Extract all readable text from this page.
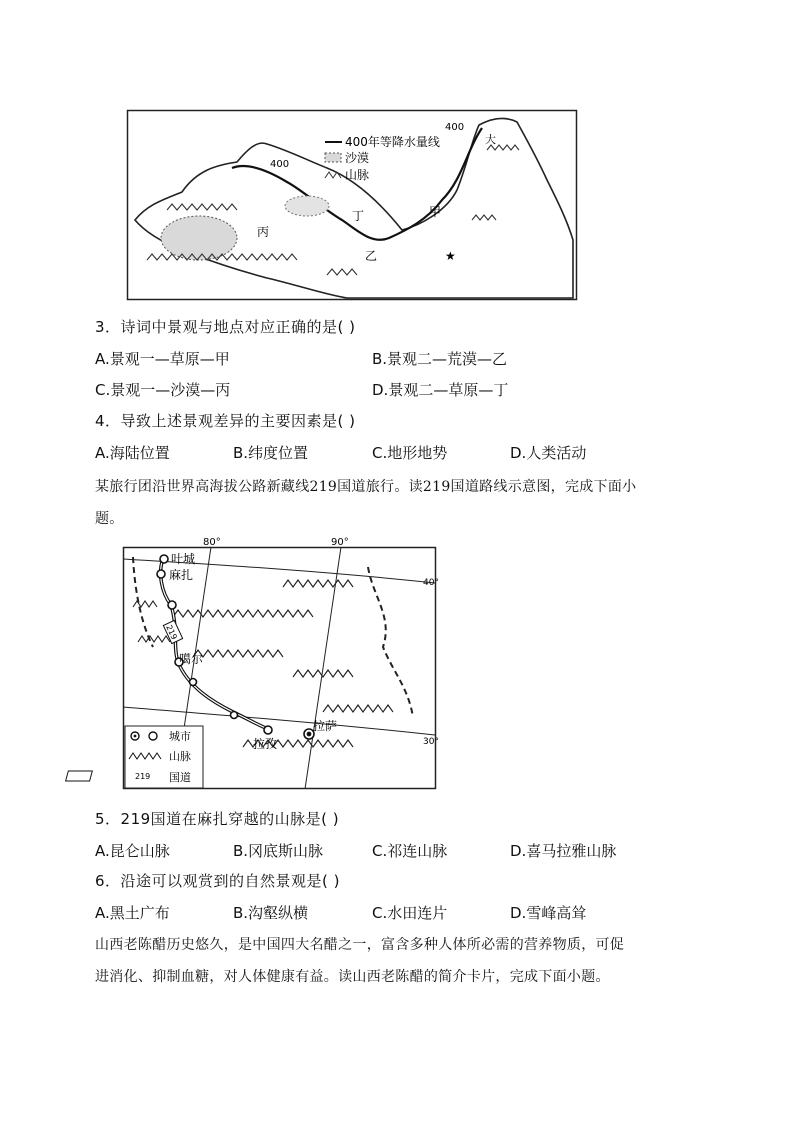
400年等降水量线
沙漠
山脉
400
400
甲
乙
丙
丁
大
★
3．诗词中景观与地点对应正确的是( )
A.景观一—草原—甲	B.景观二—荒漠—乙
C.景观一—沙漠—丙	D.景观二—草原—丁
4．导致上述景观差异的主要因素是( )
A.海陆位置	B.纬度位置	C.地形地势	D.人类活动
某旅行团沿世界高海拔公路新藏线219国道旅行。读219国道路线示意图，完成下面小
题。
80°	90°
40°
30°
219
叶城
麻扎
噶尔
拉孜
拉萨
城市
山脉
219 国道
5．219国道在麻扎穿越的山脉是( )
A.昆仑山脉	B.冈底斯山脉	C.祁连山脉	D.喜马拉雅山脉
6．沿途可以观赏到的自然景观是( )
A.黑土广布	B.沟壑纵横	C.水田连片	D.雪峰高耸
山西老陈醋历史悠久，是中国四大名醋之一，富含多种人体所必需的营养物质，可促
进消化、抑制血糖，对人体健康有益。读山西老陈醋的简介卡片，完成下面小题。
